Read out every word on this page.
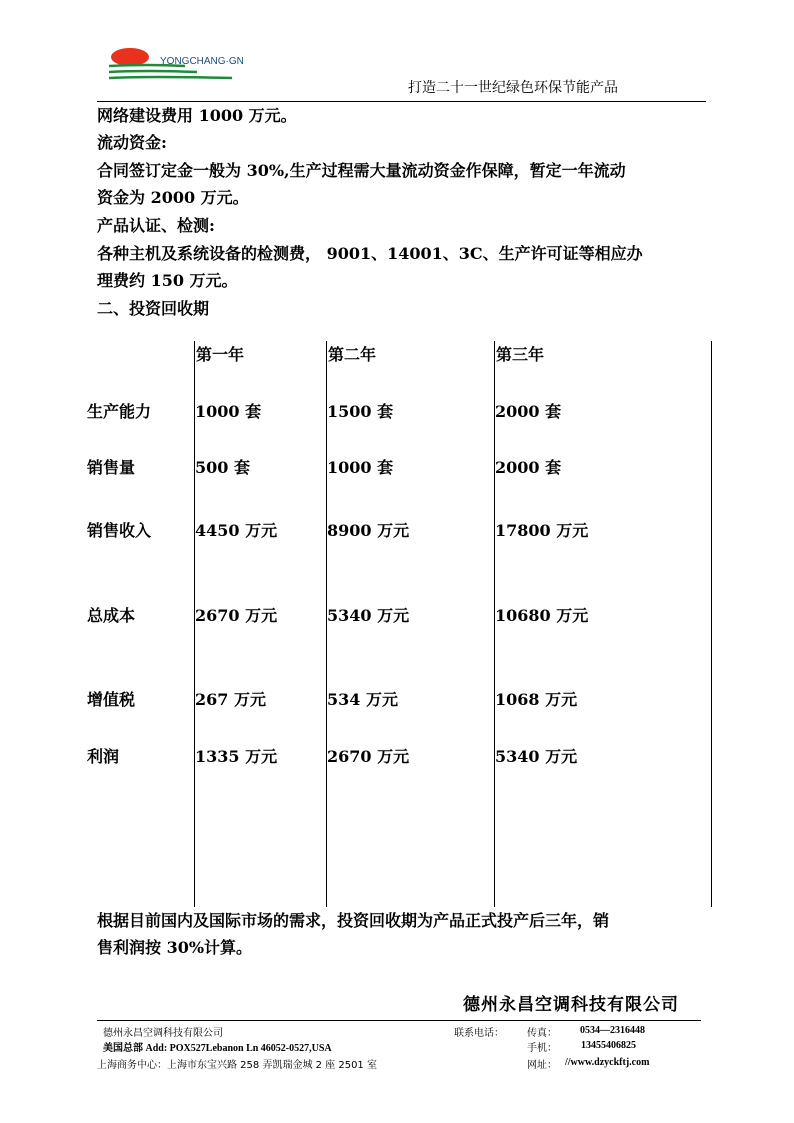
YONGCHANG·GN
打造二十一世纪绿色环保节能产品
网络建设费用 1000 万元。
流动资金:
合同签订定金一般为 30%,生产过程需大量流动资金作保障，暂定一年流动
资金为 2000 万元。
产品认证、检测:
各种主机及系统设备的检测费， 9001、14001、3C、生产许可证等相应办
理费约 150 万元。
二、投资回收期
第一年	第二年	第三年
生产能力	1000 套	1500 套	2000 套
销售量	500 套	1000 套	2000 套
销售收入	4450 万元	8900 万元	17800 万元
总成本	2670 万元	5340 万元	10680 万元
增值税	267 万元	534 万元	1068 万元
利润	1335 万元	2670 万元	5340 万元
根据目前国内及国际市场的需求，投资回收期为产品正式投产后三年，销
售利润按 30%计算。
德州永昌空调科技有限公司
德州永昌空调科技有限公司
美国总部 Add: POX527Lebanon Ln 46052-0527,USA
上海商务中心：上海市东宝兴路 258 弄凯瑞金城 2 座 2501 室
联系电话： 传真： 0534—2316448
手机： 13455406825
网址： //www.dzyckftj.com
